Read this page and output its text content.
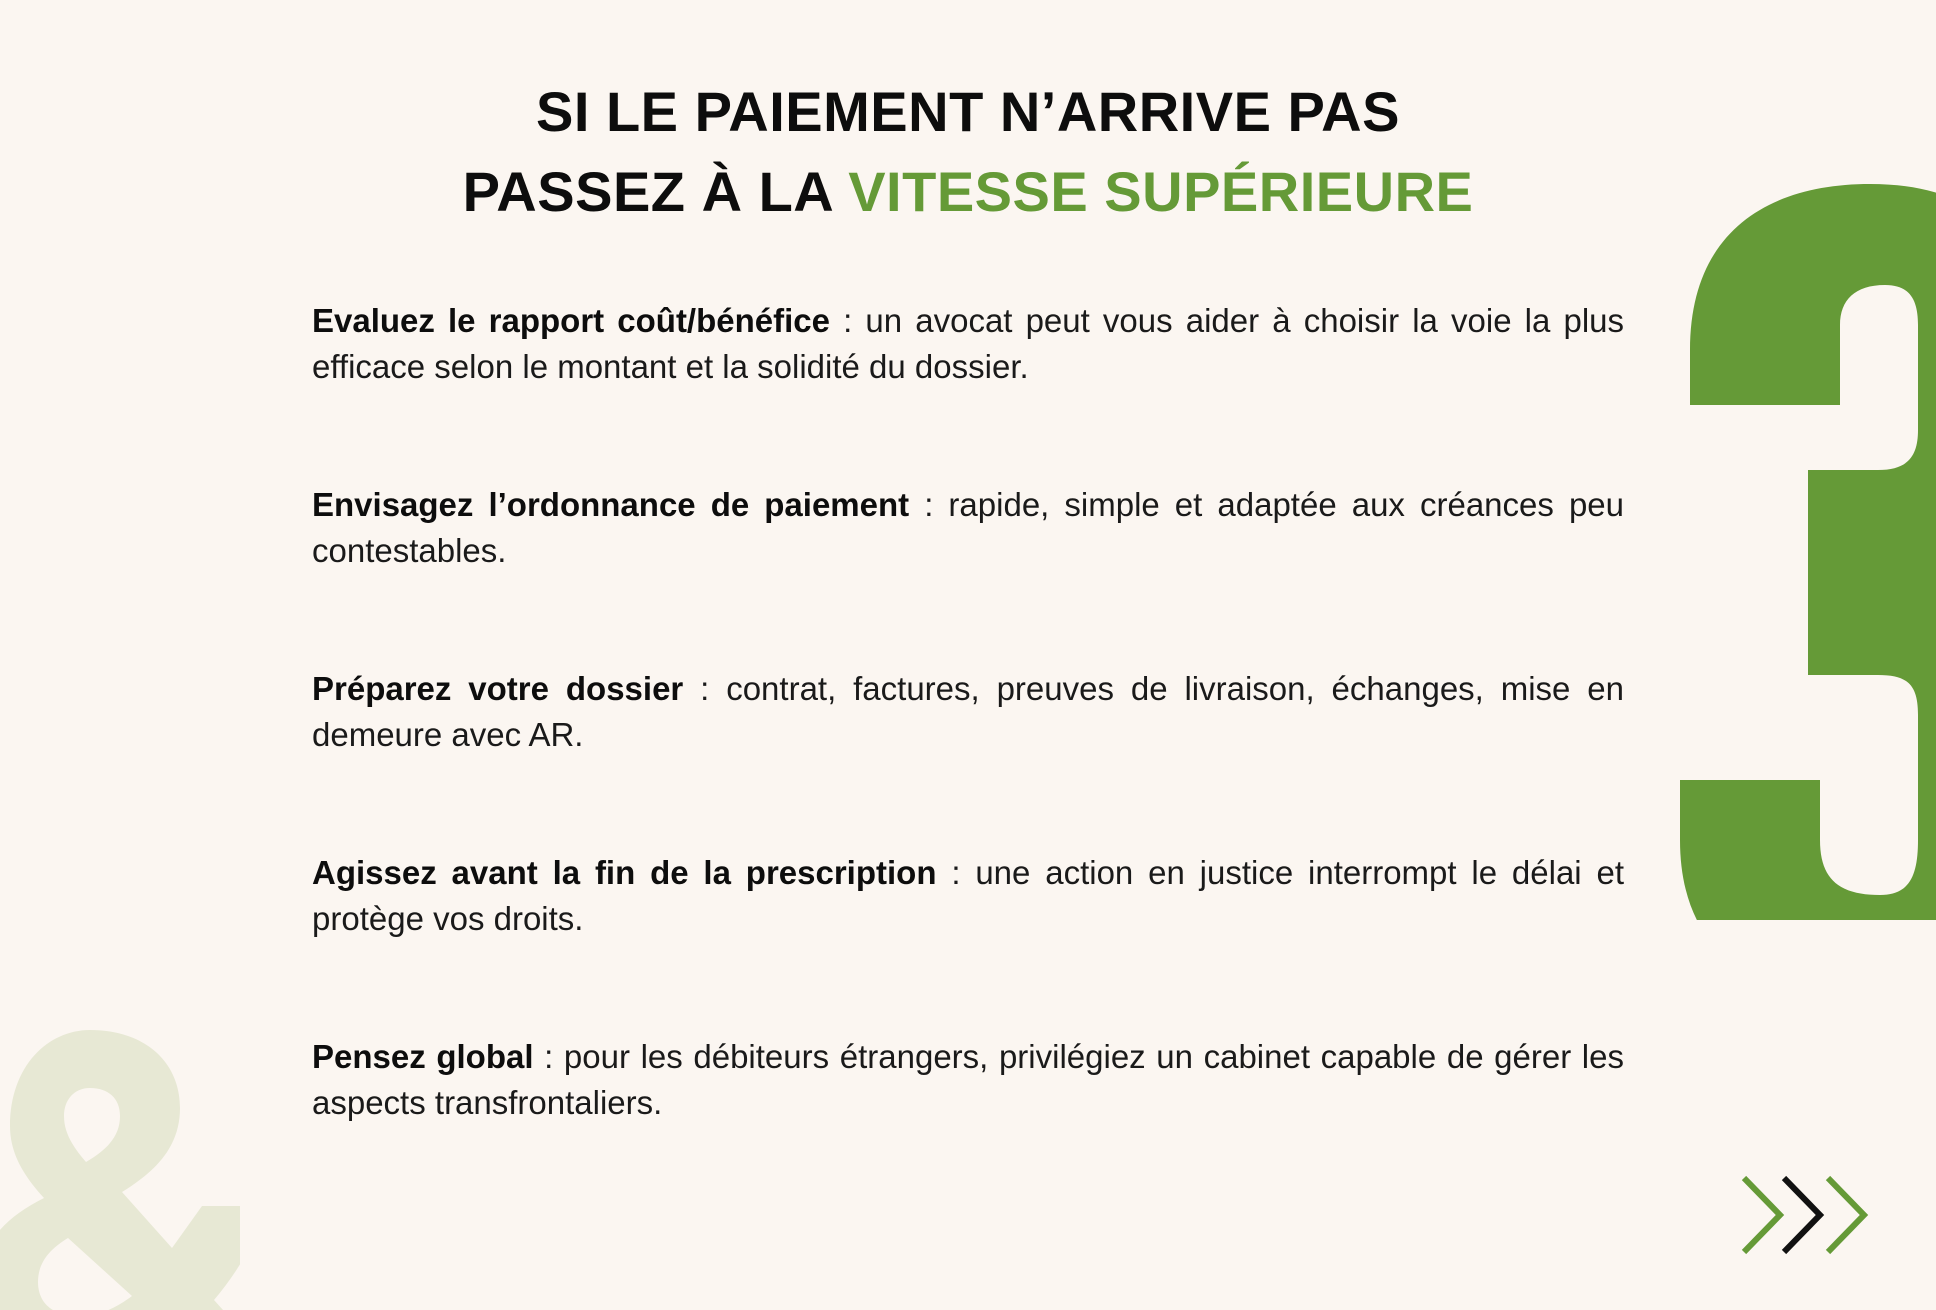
SI LE PAIEMENT N’ARRIVE PAS
PASSEZ À LA VITESSE SUPÉRIEURE

Evaluez le rapport coût/bénéfice : un avocat peut vous aider à choisir la voie la plus efficace selon le montant et la solidité du dossier.

Envisagez l’ordonnance de paiement : rapide, simple et adaptée aux créances peu contestables.

Préparez votre dossier : contrat, factures, preuves de livraison, échanges, mise en demeure avec AR.

Agissez avant la fin de la prescription : une action en justice interrompt le délai et protège vos droits.

Pensez global : pour les débiteurs étrangers, privilégiez un cabinet capable de gérer les aspects transfrontaliers.
